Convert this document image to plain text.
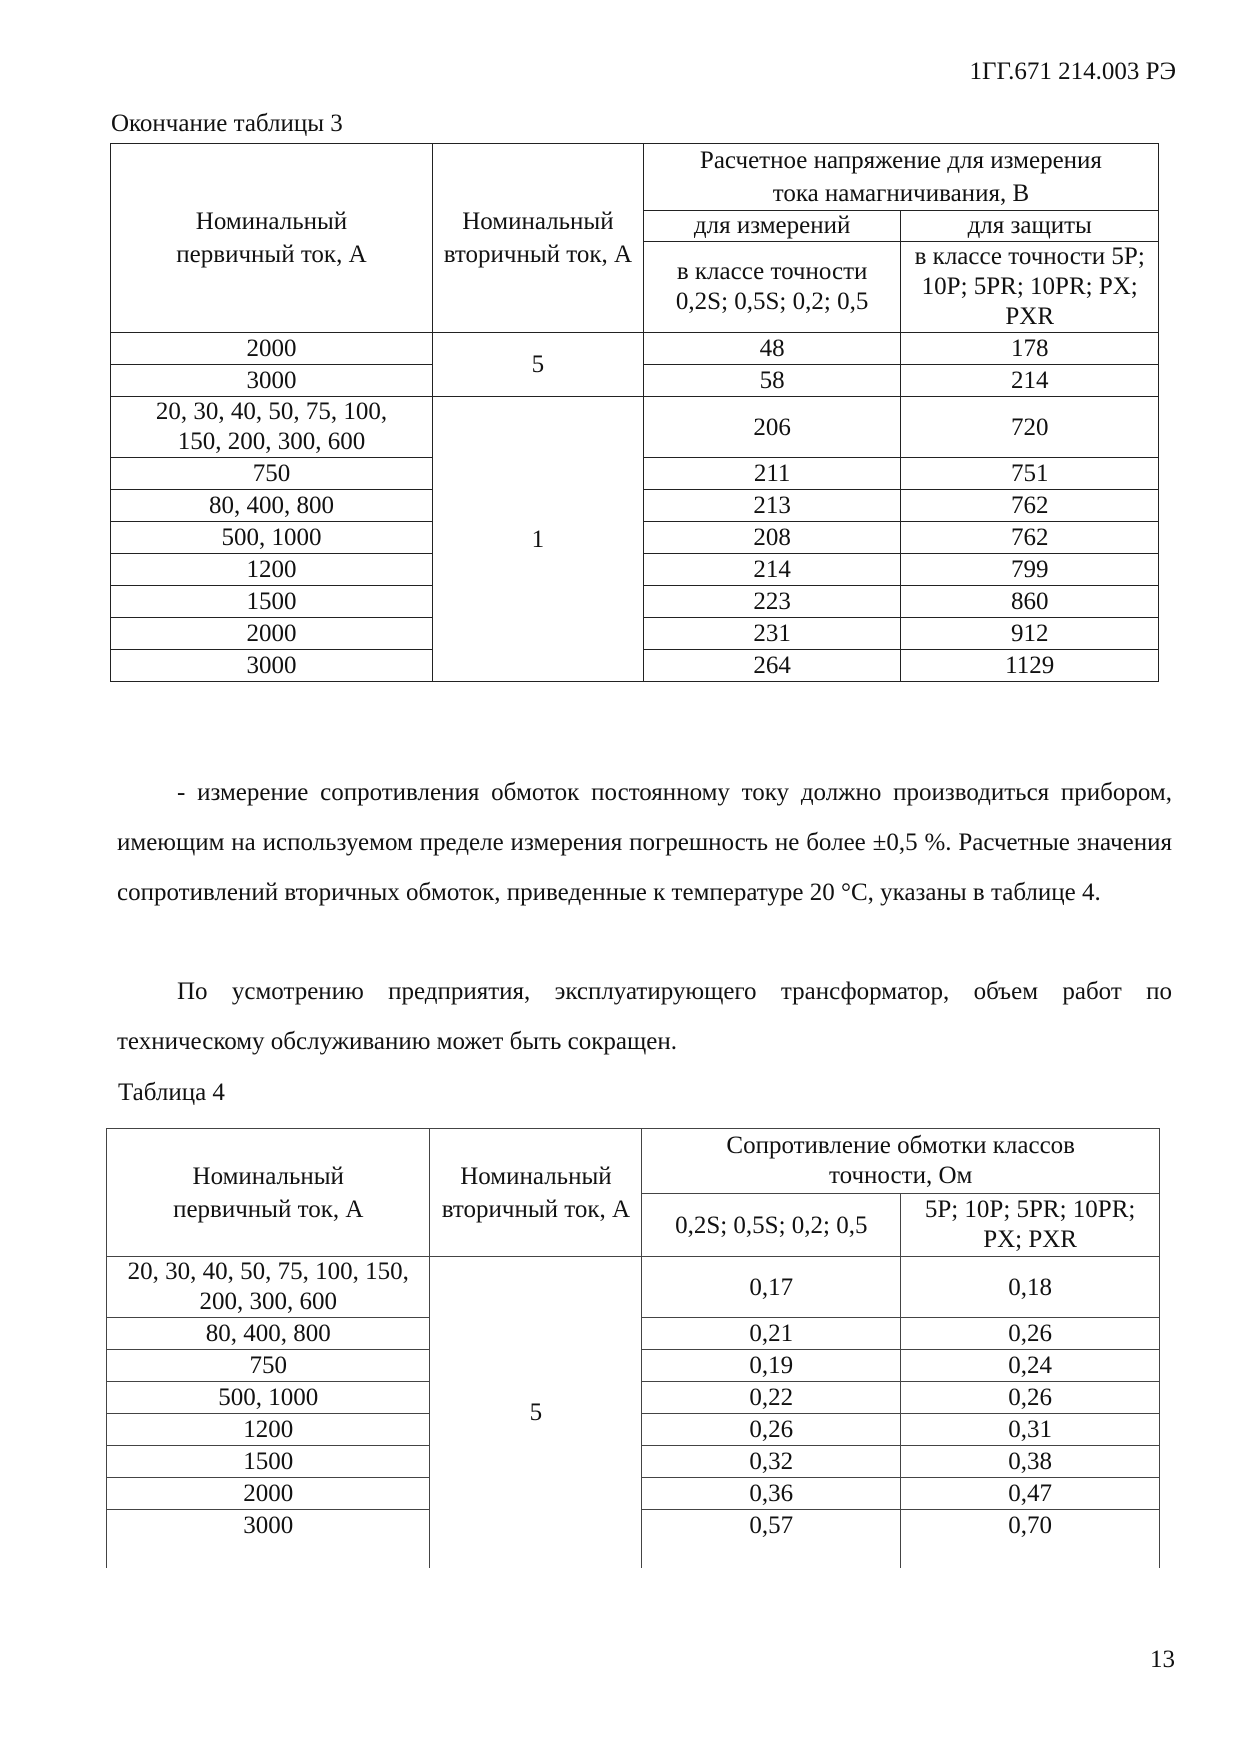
1ГГ.671 214.003 РЭ
Окончание таблицы 3
Номинальный первичный ток, А	Номинальный вторичный ток, А	Расчетное напряжение для измерения тока намагничивания, В	
		для измерений	для защиты
		в классе точности 0,2S; 0,5S; 0,2; 0,5	в классе точности 5P; 10P; 5PR; 10PR; PX; PXR
2000	5	48	178
3000		58	214
20, 30, 40, 50, 75, 100, 150, 200, 300, 600	1	206	720
750		211	751
80, 400, 800		213	762
500, 1000		208	762
1200		214	799
1500		223	860
2000		231	912
3000		264	1129
- измерение сопротивления обмоток постоянному току должно производиться прибором, имеющим на используемом пределе измерения погрешность не более ±0,5 %. Расчетные значения сопротивлений вторичных обмоток, приведенные к температуре 20 °С, указаны в таблице 4.
По усмотрению предприятия, эксплуатирующего трансформатор, объем работ по техническому обслуживанию может быть сокращен.
Таблица 4
Номинальный первичный ток, А	Номинальный вторичный ток, А	Сопротивление обмотки классов точности, Ом	
		0,2S; 0,5S; 0,2; 0,5	5P; 10P; 5PR; 10PR; PX; PXR
20, 30, 40, 50, 75, 100, 150, 200, 300, 600	5	0,17	0,18
80, 400, 800		0,21	0,26
750		0,19	0,24
500, 1000		0,22	0,26
1200		0,26	0,31
1500		0,32	0,38
2000		0,36	0,47
3000		0,57	0,70
13
